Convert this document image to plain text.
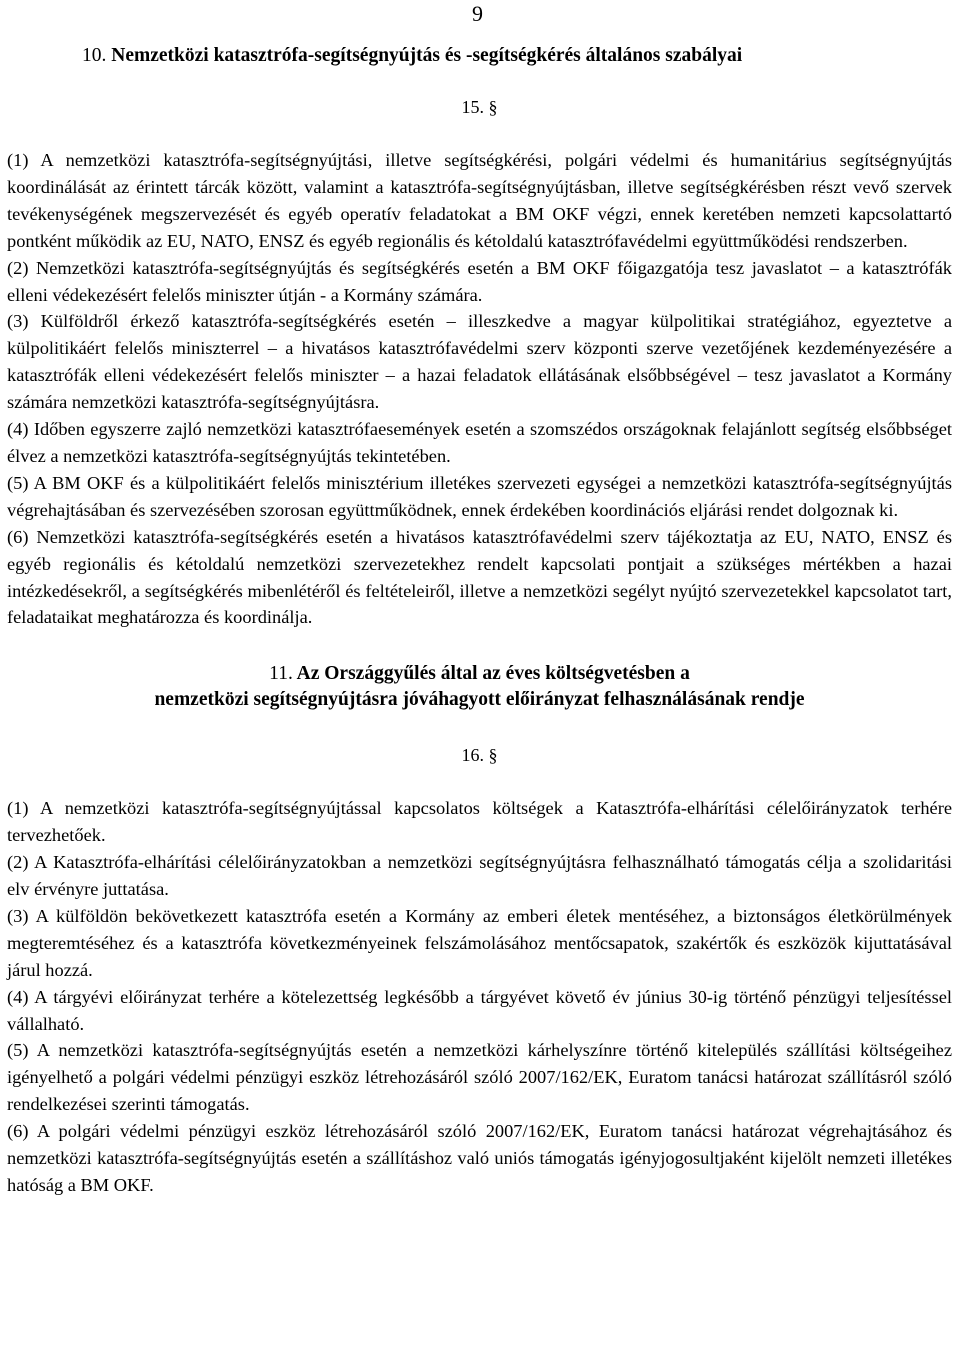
9
10. Nemzetközi katasztrófa-segítségnyújtás és -segítségkérés általános szabályai
15. §

(1) A nemzetközi katasztrófa-segítségnyújtási, illetve segítségkérési, polgári védelmi és humanitárius segítségnyújtás koordinálását az érintett tárcák között, valamint a katasztrófa-segítségnyújtásban, illetve segítségkérésben részt vevő szervek tevékenységének megszervezését és egyéb operatív feladatokat a BM OKF végzi, ennek keretében nemzeti kapcsolattartó pontként működik az EU, NATO, ENSZ és egyéb regionális és kétoldalú katasztrófavédelmi együttműködési rendszerben.

(2) Nemzetközi katasztrófa-segítségnyújtás és segítségkérés esetén a BM OKF főigazgatója tesz javaslatot – a katasztrófák elleni védekezésért felelős miniszter útján - a Kormány számára.

(3) Külföldről érkező katasztrófa-segítségkérés esetén – illeszkedve a magyar külpolitikai stratégiához, egyeztetve a külpolitikáért felelős miniszterrel – a hivatásos katasztrófavédelmi szerv központi szerve vezetőjének kezdeményezésére a katasztrófák elleni védekezésért felelős miniszter – a hazai feladatok ellátásának elsőbbségével – tesz javaslatot a Kormány számára nemzetközi katasztrófa-segítségnyújtásra.

(4) Időben egyszerre zajló nemzetközi katasztrófaesemények esetén a szomszédos országoknak felajánlott segítség elsőbbséget élvez a nemzetközi katasztrófa-segítségnyújtás tekintetében.

(5) A BM OKF és a külpolitikáért felelős minisztérium illetékes szervezeti egységei a nemzetközi katasztrófa-segítségnyújtás végrehajtásában és szervezésében szorosan együttműködnek, ennek érdekében koordinációs eljárási rendet dolgoznak ki.

(6) Nemzetközi katasztrófa-segítségkérés esetén a hivatásos katasztrófavédelmi szerv tájékoztatja az EU, NATO, ENSZ és egyéb regionális és kétoldalú nemzetközi szervezetekhez rendelt kapcsolati pontjait a szükséges mértékben a hazai intézkedésekről, a segítségkérés mibenlétéről és feltételeiről, illetve a nemzetközi segélyt nyújtó szervezetekkel kapcsolatot tart, feladataikat meghatározza és koordinálja.

11. Az Országgyűlés által az éves költségvetésben a
nemzetközi segítségnyújtásra jóváhagyott előirányzat felhasználásának rendje
16. §

(1) A nemzetközi katasztrófa-segítségnyújtással kapcsolatos költségek a Katasztrófa-elhárítási célelőirányzatok terhére tervezhetőek.

(2) A Katasztrófa-elhárítási célelőirányzatokban a nemzetközi segítségnyújtásra felhasználható támogatás célja a szolidaritási elv érvényre juttatása.

(3) A külföldön bekövetkezett katasztrófa esetén a Kormány az emberi életek mentéséhez, a biztonságos életkörülmények megteremtéséhez és a katasztrófa következményeinek felszámolásához mentőcsapatok, szakértők és eszközök kijuttatásával járul hozzá.

(4) A tárgyévi előirányzat terhére a kötelezettség legkésőbb a tárgyévet követő év június 30-ig történő pénzügyi teljesítéssel vállalható.

(5) A nemzetközi katasztrófa-segítségnyújtás esetén a nemzetközi kárhelyszínre történő kitelepülés szállítási költségeihez igényelhető a polgári védelmi pénzügyi eszköz létrehozásáról szóló 2007/162/EK, Euratom tanácsi határozat szállításról szóló rendelkezései szerinti támogatás.

(6) A polgári védelmi pénzügyi eszköz létrehozásáról szóló 2007/162/EK, Euratom tanácsi határozat végrehajtásához és nemzetközi katasztrófa-segítségnyújtás esetén a szállításhoz való uniós támogatás igényjogosultjaként kijelölt nemzeti illetékes hatóság a BM OKF.
